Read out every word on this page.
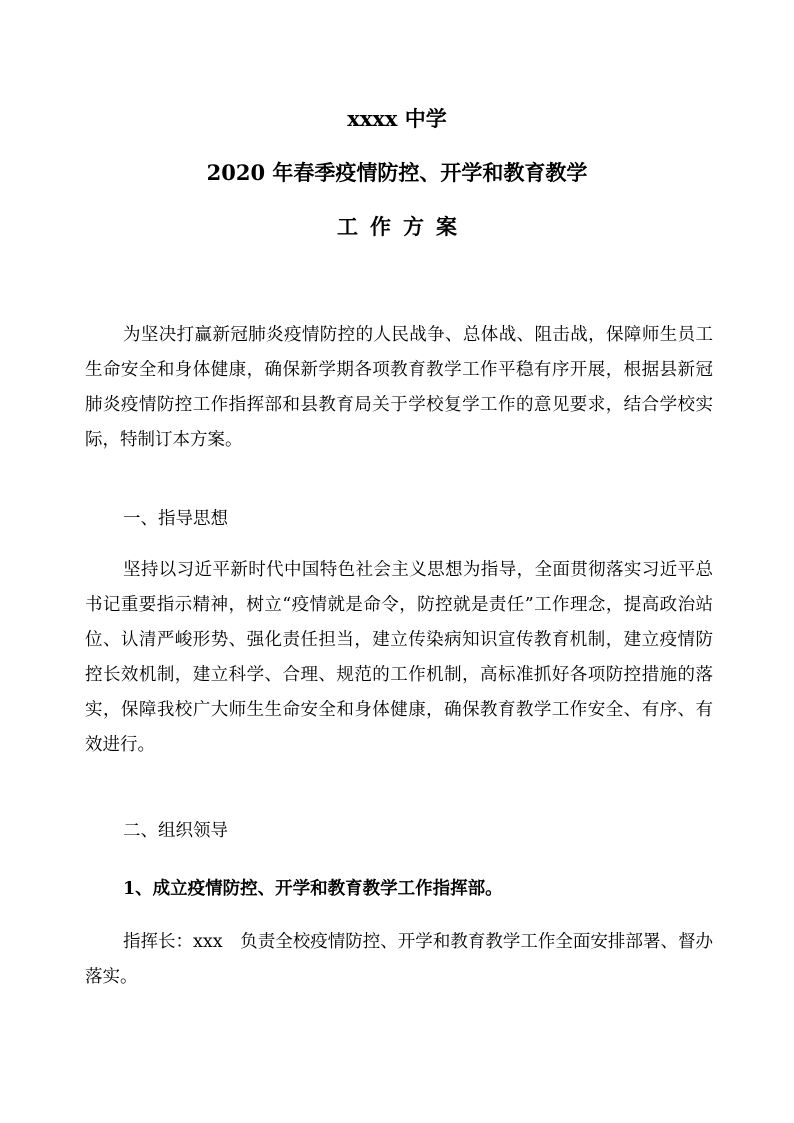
xxxx 中学
2020 年春季疫情防控、开学和教育教学
工作方案

为坚决打赢新冠肺炎疫情防控的人民战争、总体战、阻击战，保障师生员工生命安全和身体健康，确保新学期各项教育教学工作平稳有序开展，根据县新冠肺炎疫情防控工作指挥部和县教育局关于学校复学工作的意见要求，结合学校实际，特制订本方案。

一、指导思想

坚持以习近平新时代中国特色社会主义思想为指导，全面贯彻落实习近平总书记重要指示精神，树立“疫情就是命令，防控就是责任”工作理念，提高政治站位、认清严峻形势、强化责任担当，建立传染病知识宣传教育机制，建立疫情防控长效机制，建立科学、合理、规范的工作机制，高标准抓好各项防控措施的落实，保障我校广大师生生命安全和身体健康，确保教育教学工作安全、有序、有效进行。

二、组织领导

1、成立疫情防控、开学和教育教学工作指挥部。

指挥长：xxx　负责全校疫情防控、开学和教育教学工作全面安排部署、督办落实。
